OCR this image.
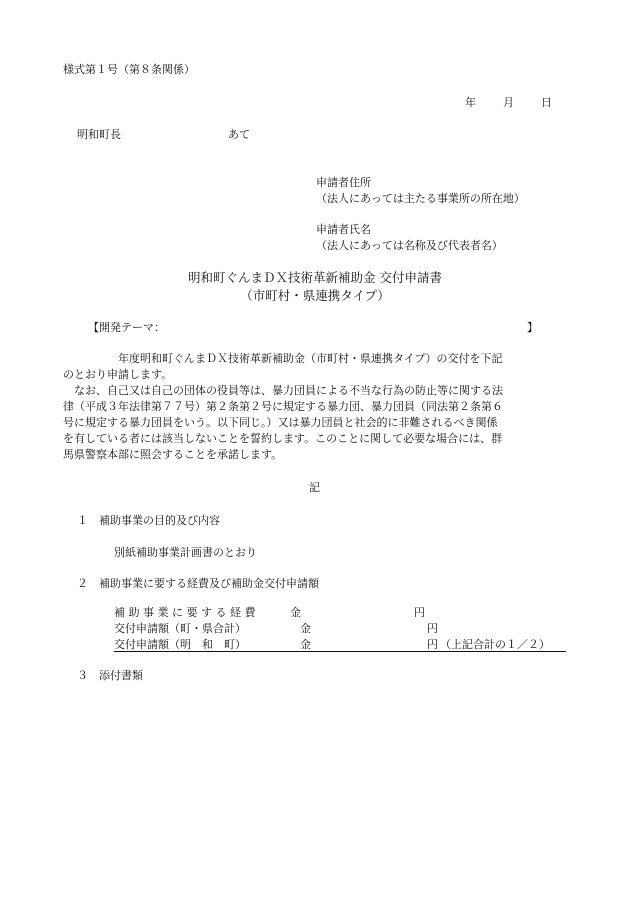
様式第１号（第８条関係）
年 月 日
明和町長	あて
申請者住所
（法人にあっては主たる事業所の所在地）
申請者氏名
（法人にあっては名称及び代表者名）
明和町ぐんまＤＸ技術革新補助金 交付申請書
（市町村・県連携タイプ）
【開発テーマ：	】
年度明和町ぐんまＤＸ技術革新補助金（市町村・県連携タイプ）の交付を下記
のとおり申請します。
なお、自己又は自己の団体の役員等は、暴力団員による不当な行為の防止等に関する法
律（平成３年法律第７７号）第２条第２号に規定する暴力団、暴力団員（同法第２条第６
号に規定する暴力団員をいう。以下同じ。）又は暴力団員と社会的に非難されるべき関係
を有している者には該当しないことを誓約します。このことに関して必要な場合には、群
馬県警察本部に照会することを承諾します。
記
１ 補助事業の目的及び内容
別紙補助事業計画書のとおり
２ 補助事業に要する経費及び補助金交付申請額
補 助 事 業 に 要 す る 経 費	金	円
交付申請額（町・県合計）	金	円
交付申請額（明　和　町）	金	円 （上記合計の１／２）
３ 添付書類
